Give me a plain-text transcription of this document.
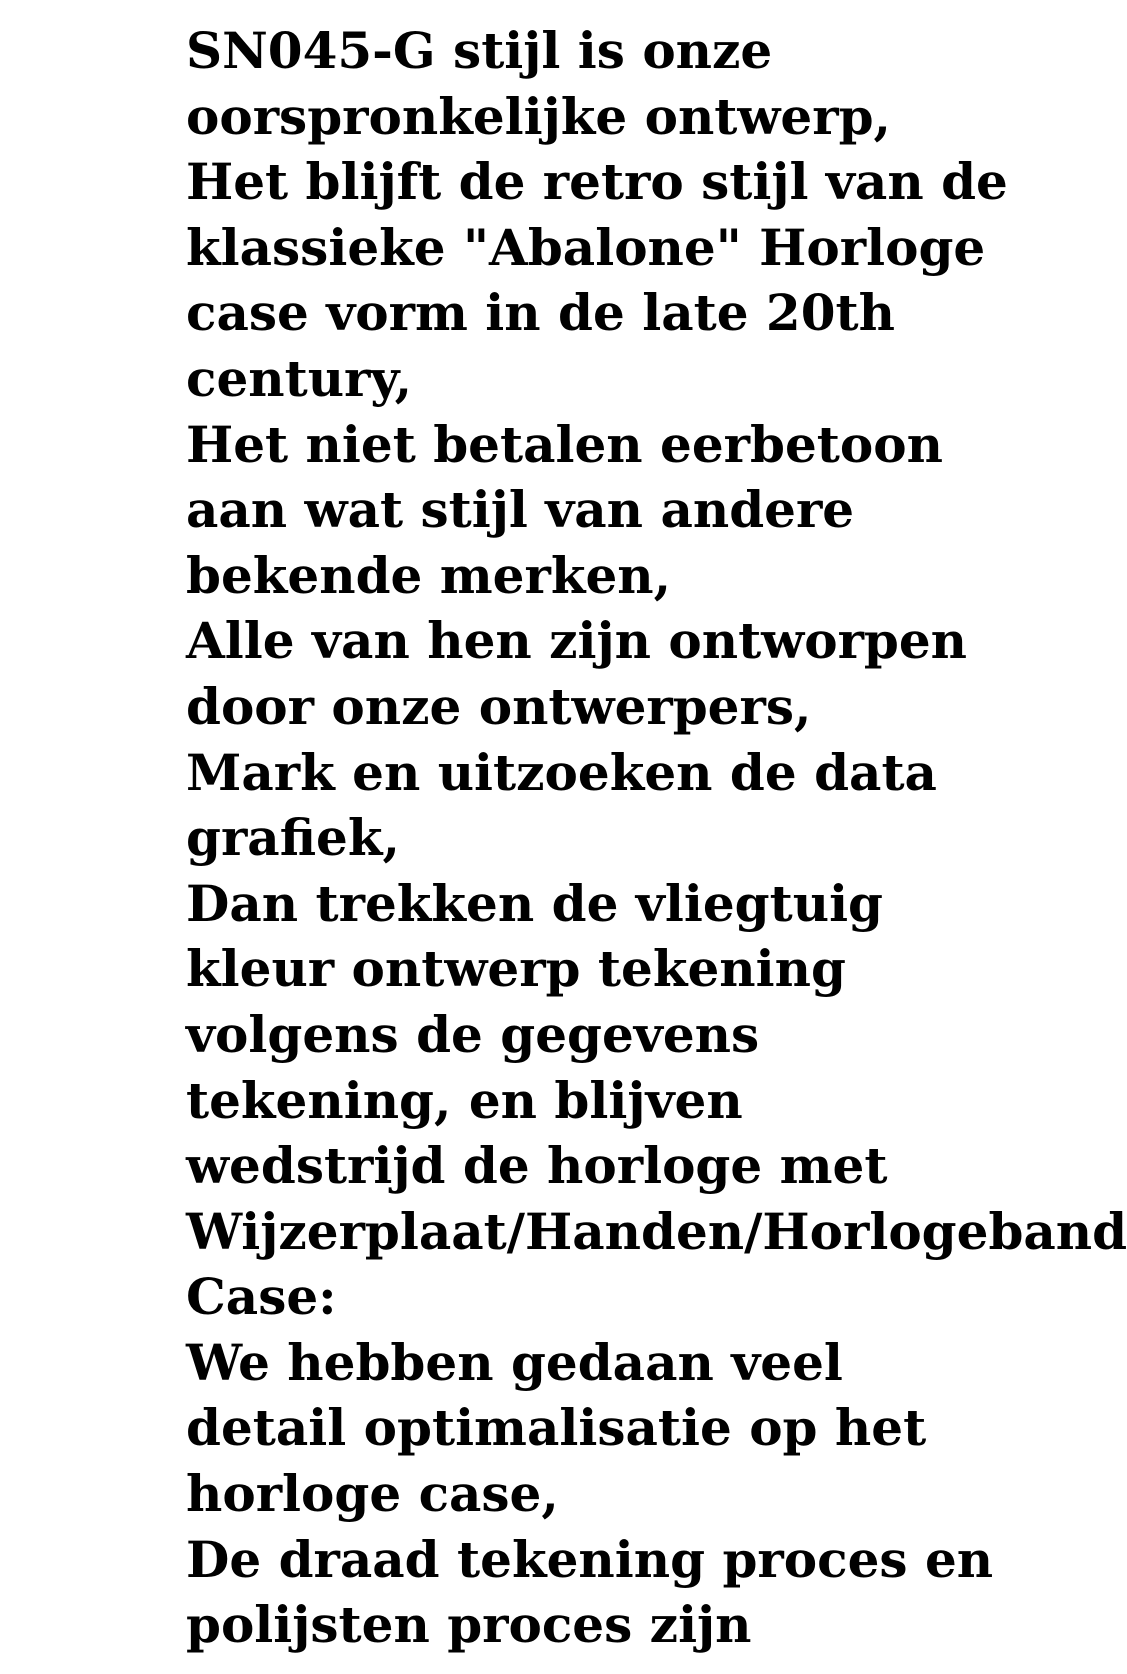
SN045-G stijl is onze

oorspronkelijke ontwerp,

Het blijft de retro stijl van de

klassieke "Abalone" Horloge

case vorm in de late 20th

century,

Het niet betalen eerbetoon

aan wat stijl van andere

bekende merken,

Alle van hen zijn ontworpen

door onze ontwerpers,

Mark en uitzoeken de data

grafiek,

Dan trekken de vliegtuig

kleur ontwerp tekening

volgens de gegevens

tekening, en blijven

wedstrijd de horloge met

Wijzerplaat/Handen/Horlogeband

Case:

We hebben gedaan veel

detail optimalisatie op het

horloge case,

De draad tekening proces en

polijsten proces zijn
